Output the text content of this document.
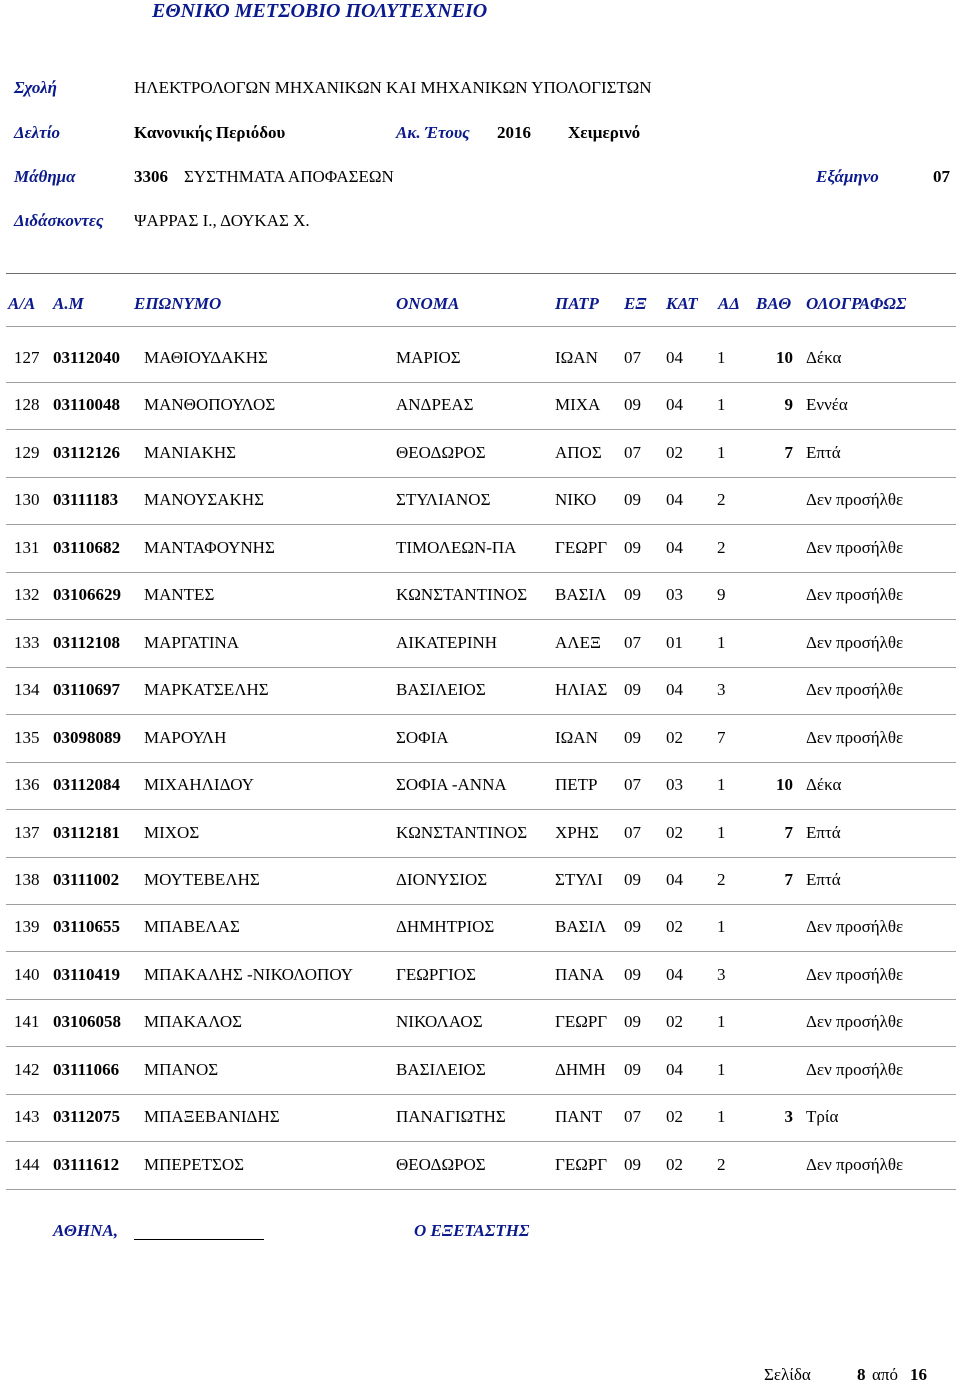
ΕΘΝΙΚΟ ΜΕΤΣΟΒΙΟ ΠΟΛΥΤΕΧΝΕΙΟ
Σχολή	ΗΛΕΚΤΡΟΛΟΓΩΝ ΜΗΧΑΝΙΚΩΝ ΚΑΙ ΜΗΧΑΝΙΚΩΝ ΥΠΟΛΟΓΙΣΤΩΝ
Δελτίο	Κανονικής Περιόδου	Ακ. Έτους 2016 Χειμερινό
Μάθημα	3306 ΣΥΣΤΗΜΑΤΑ ΑΠΟΦΑΣΕΩΝ	Εξάμηνο	07
Διδάσκοντες ΨΑΡΡΑΣ Ι., ΔΟΥΚΑΣ Χ.
Α/Α Α.Μ	ΕΠΩΝΥΜΟ	ΟΝΟΜΑ	ΠΑΤΡ ΕΞ ΚΑΤ ΑΔ ΒΑΘ ΟΛΟΓΡΑΦΩΣ
127 03112040 ΜΑΘΙΟΥΔΑΚΗΣ	ΜΑΡΙΟΣ	ΙΩΑΝ 07 04 1	10 Δέκα
128 03110048 ΜΑΝΘΟΠΟΥΛΟΣ	ΑΝΔΡΕΑΣ	ΜΙΧΑ 09 04 1	9 Εννέα
129 03112126 ΜΑΝΙΑΚΗΣ	ΘΕΟΔΩΡΟΣ	ΑΠΟΣ 07 02 1	7 Επτά
130 03111183 ΜΑΝΟΥΣΑΚΗΣ	ΣΤΥΛΙΑΝΟΣ	ΝΙΚΟ 09 04 2	Δεν προσήλθε
131 03110682 ΜΑΝΤΑΦΟΥΝΗΣ	ΤΙΜΟΛΕΩΝ-ΠΑ ΓΕΩΡΓ 09 04 2	Δεν προσήλθε
132 03106629 ΜΑΝΤΕΣ	ΚΩΝΣΤΑΝΤΙΝΟΣ ΒΑΣΙΛ 09 03 9	Δεν προσήλθε
133 03112108 ΜΑΡΓΑΤΙΝΑ	ΑΙΚΑΤΕΡΙΝΗ	ΑΛΕΞ 07 01 1	Δεν προσήλθε
134 03110697 ΜΑΡΚΑΤΣΕΛΗΣ	ΒΑΣΙΛΕΙΟΣ	ΗΛΙΑΣ 09 04 3	Δεν προσήλθε
135 03098089 ΜΑΡΟΥΛΗ	ΣΟΦΙΑ	ΙΩΑΝ 09 02 7	Δεν προσήλθε
136 03112084 ΜΙΧΑΗΛΙΔΟΥ	ΣΟΦΙΑ -ΑΝΝΑ	ΠΕΤΡ 07 03 1	10 Δέκα
137 03112181 ΜΙΧΟΣ	ΚΩΝΣΤΑΝΤΙΝΟΣ ΧΡΗΣ 07 02 1	7 Επτά
138 03111002 ΜΟΥΤΕΒΕΛΗΣ	ΔΙΟΝΥΣΙΟΣ	ΣΤΥΛΙ 09 04 2	7 Επτά
139 03110655 ΜΠΑΒΕΛΑΣ	ΔΗΜΗΤΡΙΟΣ	ΒΑΣΙΛ 09 02 1	Δεν προσήλθε
140 03110419 ΜΠΑΚΑΛΗΣ -ΝΙΚΟΛΟΠΟΥ	ΓΕΩΡΓΙΟΣ	ΠΑΝΑ 09 04 3	Δεν προσήλθε
141 03106058 ΜΠΑΚΑΛΟΣ	ΝΙΚΟΛΑΟΣ	ΓΕΩΡΓ 09 02 1	Δεν προσήλθε
142 03111066 ΜΠΑΝΟΣ	ΒΑΣΙΛΕΙΟΣ	ΔΗΜΗ 09 04 1	Δεν προσήλθε
143 03112075 ΜΠΑΞΕΒΑΝΙΔΗΣ	ΠΑΝΑΓΙΩΤΗΣ	ΠΑΝΤ 07 02 1	3 Τρία
144 03111612 ΜΠΕΡΕΤΣΟΣ	ΘΕΟΔΩΡΟΣ	ΓΕΩΡΓ 09 02 2	Δεν προσήλθε
ΑΘΗΝΑ,	Ο ΕΞΕΤΑΣΤΗΣ
Σελίδα	8 από 16
